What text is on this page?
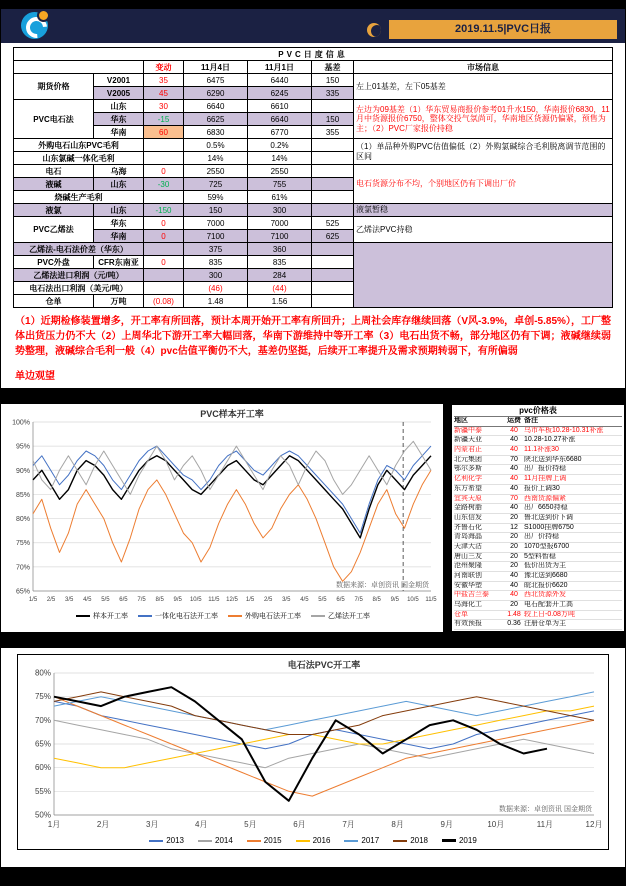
2019.11.5|PVC日报
PVC日度信息						
		变动	11月4日	11月1日	基差	市场信息
期货价格	V2001	35	6475	6440	150	左上01基差，左下05基差
	V2005	45	6290	6245	335	
PVC电石法	山东	30	6640	6610		左边为09基差（1）华东贸易商报价参考01升水150，华南报价6830，11月中货源报价6750，整体交投气氛尚可，华南地区货源仍偏紧，预售为主；（2）PVC厂家报价持稳
	华东	-15	6625	6640	150	
	华南	60	6830	6770	355	
外购电石山东PVC毛利			0.5%	0.2%		（1）单品种外购PVC估值偏低（2）外购氯碱综合毛利脱离调节范围的区间
山东氯碱一体化毛利			14%	14%		
电石	乌海	0	2550	2550		电石货源分布不均，个别地区仍有下调出厂价
液碱	山东	-30	725	755		
烧碱生产毛利			59%	61%		
液氯	山东	-150	150	300		液氯暂稳
PVC乙烯法	华东	0	7000	7000	525	乙烯法PVC持稳
	华南	0	7100	7100	625	
乙烯法-电石法价差（华东）			375	360		
PVC外盘	CFR东南亚	0	835	835		
乙烯法进口利润（元/吨）			300	284		
电石法出口利润（美元/吨）			(46)	(44)		
仓单	万吨	(0.08)	1.48	1.56		
（1）近期检修装置增多，开工率有所回落，预计本周开始开工率有所回升；上周社会库存继续回落（V风-3.9%，卓创-5.85%），工厂整体出货压力仍不大（2）上周华北下游开工率大幅回落，华南下游维持中等开工率（3）电石出货不畅，部分地区仍有下调；液碱继续弱势整理，液碱综合毛利一般（4）pvc估值平衡仍不大，基差仍坚挺，后续开工率提升及需求预期转弱下，有所偏弱
单边观望
65%
70%
75%
80%
85%
90%
95%
100%
1/5 2/5 3/5 4/5 5/5 6/5 7/5 8/5 9/5 10/5 11/5 12/5 1/5 2/5 3/5 4/5 5/5 6/5 7/5 8/5 9/5 10/5 11/5
PVC样本开工率
数据来源：卓创资讯 国金期货
样本开工率	一体化电石法开工率	外购电石法开工率	乙烯法开工率
pvc价格表
地区	运费 备注
新疆中泰	40 乌市车板10.28-10.31补涨
新疆天业	40 10.28-10.27补涨
内蒙君正	40 11.1补涨30
北元集团	70 陕北送到华东6680
鄂尔多斯	40 出厂报价持稳
亿利化学	40 11月挂牌上调
东方希望	40 报价上调30
宜宾天原	70 西南货源偏紧
金路树脂	40 出厂6650持稳
山东信发	20 鲁北送到价下调
齐鲁石化	12 S1000挂牌6750
青岛海晶	20 出厂价持稳
天津大沽	20 1070型报6700
唐山三友	20 5型料暂稳
沧州聚隆	20 低价出货为主
河南联创	40 豫北送到6680
安徽华塑	40 皖北报价6620
中盐吉兰泰	40 西北货源外发
乌海化工	20 电石配套开工高
仓单	1.48 较上日-0.08万吨
有效预报	0.36 注册仓单为主
50%
55%
60%
65%
70%
75%
80%
1月	2月	3月	4月	5月	6月	7月	8月	9月	10月	11月	12月
电石法PVC开工率
数据来源：卓创资讯 国金期货
2013	2014	2015	2016	2017	2018	2019
